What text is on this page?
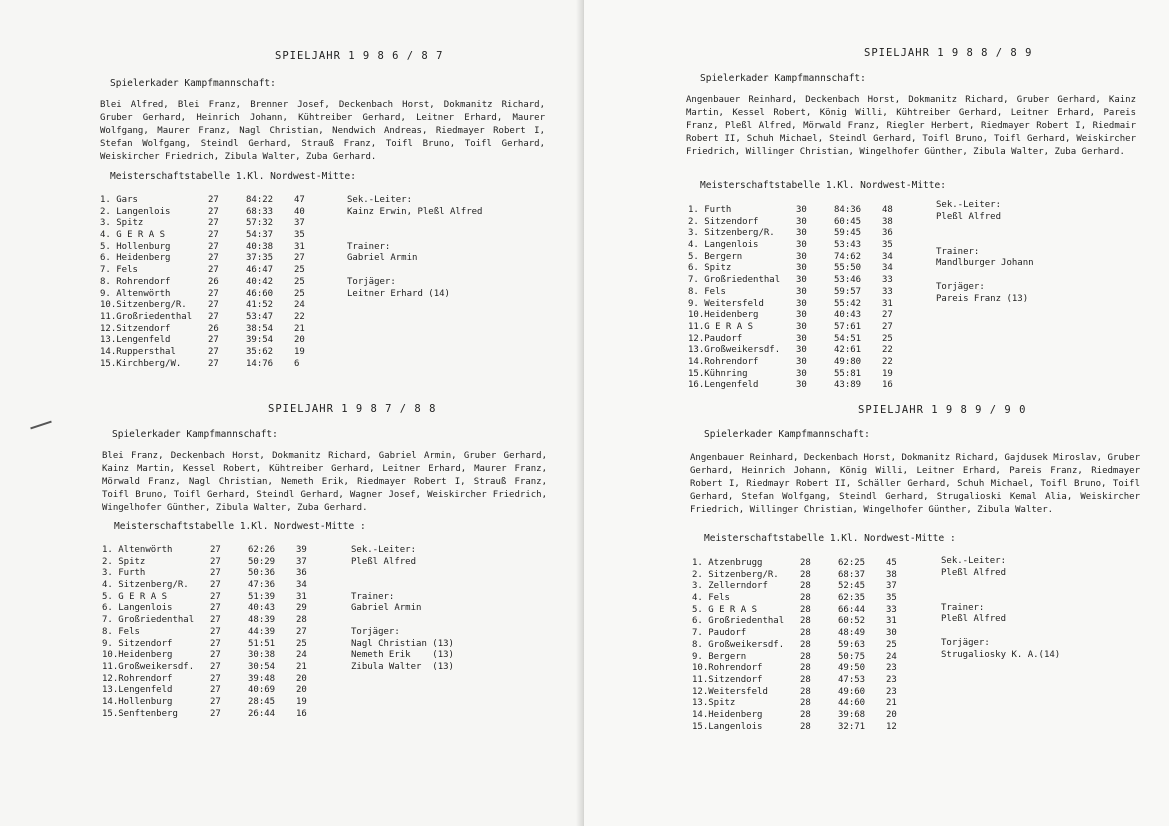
SPIELJAHR 1 9 8 6 / 8 7
Spielerkader Kampfmannschaft:
Blei Alfred, Blei Franz, Brenner Josef, Deckenbach Horst, Dokmanitz Richard, Gruber Gerhard, Heinrich Johann, Kühtreiber Gerhard, Leitner Erhard, Maurer Wolfgang, Maurer Franz, Nagl Christian, Nendwich Andreas, Riedmayer Robert I, Stefan Wolfgang, Steindl Gerhard, Strauß Franz, Toifl Bruno, Toifl Gerhard, Weiskircher Friedrich, Zibula Walter, Zuba Gerhard.
Meisterschaftstabelle 1.Kl. Nordwest-Mitte:
1. Gars	27	84:22	47
2. Langenlois	27	68:33	40
3. Spitz	27	57:32	37
4. G E R A S	27	54:37	35
5. Hollenburg	27	40:38	31
6. Heidenberg	27	37:35	27
7. Fels	27	46:47	25
8. Rohrendorf	26	40:42	25
9. Altenwörth	27	46:60	25
10.Sitzenberg/R.	27	41:52	24
11.Großriedenthal	27	53:47	22
12.Sitzendorf	26	38:54	21
13.Lengenfeld	27	39:54	20
14.Ruppersthal	27	35:62	19
15.Kirchberg/W.	27	14:76	6
Sek.-Leiter:
Kainz Erwin, Pleßl Alfred
Trainer:
Gabriel Armin
Torjäger:
Leitner Erhard (14)
SPIELJAHR 1 9 8 7 / 8 8
Spielerkader Kampfmannschaft:
Blei Franz, Deckenbach Horst, Dokmanitz Richard, Gabriel Armin, Gruber Gerhard, Kainz Martin, Kessel Robert, Kühtreiber Gerhard, Leitner Erhard, Maurer Franz, Mörwald Franz, Nagl Christian, Nemeth Erik, Riedmayer Robert I, Strauß Franz, Toifl Bruno, Toifl Gerhard, Steindl Gerhard, Wagner Josef, Weiskircher Friedrich, Wingelhofer Günther, Zibula Walter, Zuba Gerhard.
Meisterschaftstabelle 1.Kl. Nordwest-Mitte :
1. Altenwörth	27	62:26	39
2. Spitz	27	50:29	37
3. Furth	27	50:36	36
4. Sitzenberg/R.	27	47:36	34
5. G E R A S	27	51:39	31
6. Langenlois	27	40:43	29
7. Großriedenthal	27	48:39	28
8. Fels	27	44:39	27
9. Sitzendorf	27	51:51	25
10.Heidenberg	27	30:38	24
11.Großweikersdf.	27	30:54	21
12.Rohrendorf	27	39:48	20
13.Lengenfeld	27	40:69	20
14.Hollenburg	27	28:45	19
15.Senftenberg	27	26:44	16
Sek.-Leiter:
Pleßl Alfred
Trainer:
Gabriel Armin
Torjäger:
Nagl Christian (13)
Nemeth Erik    (13)
Zibula Walter  (13)
SPIELJAHR 1 9 8 8 / 8 9
Spielerkader Kampfmannschaft:
Angenbauer Reinhard, Deckenbach Horst, Dokmanitz Richard, Gruber Gerhard, Kainz Martin, Kessel Robert, König Willi, Kühtreiber Gerhard, Leitner Erhard, Pareis Franz, Pleßl Alfred, Mörwald Franz, Riegler Herbert, Riedmayer Robert I, Riedmair Robert II, Schuh Michael, Steindl Gerhard, Toifl Bruno, Toifl Gerhard, Weiskircher Friedrich, Willinger Christian, Wingelhofer Günther, Zibula Walter, Zuba Gerhard.
Meisterschaftstabelle 1.Kl. Nordwest-Mitte:
1. Furth	30	84:36	48
2. Sitzendorf	30	60:45	38
3. Sitzenberg/R.	30	59:45	36
4. Langenlois	30	53:43	35
5. Bergern	30	74:62	34
6. Spitz	30	55:50	34
7. Großriedenthal	30	53:46	33
8. Fels	30	59:57	33
9. Weitersfeld	30	55:42	31
10.Heidenberg	30	40:43	27
11.G E R A S	30	57:61	27
12.Paudorf	30	54:51	25
13.Großweikersdf.	30	42:61	22
14.Rohrendorf	30	49:80	22
15.Kühnring	30	55:81	19
16.Lengenfeld	30	43:89	16
Sek.-Leiter:
Pleßl Alfred
Trainer:
Mandlburger Johann
Torjäger:
Pareis Franz (13)
SPIELJAHR 1 9 8 9 / 9 0
Spielerkader Kampfmannschaft:
Angenbauer Reinhard, Deckenbach Horst, Dokmanitz Richard, Gajdusek Miroslav, Gruber Gerhard, Heinrich Johann, König Willi, Leitner Erhard, Pareis Franz, Riedmayer Robert I, Riedmayr Robert II, Schäller Gerhard, Schuh Michael, Toifl Bruno, Toifl Gerhard, Stefan Wolfgang, Steindl Gerhard, Strugalioski Kemal Alia, Weiskircher Friedrich, Willinger Christian, Wingelhofer Günther, Zibula Walter.
Meisterschaftstabelle 1.Kl. Nordwest-Mitte :
1. Atzenbrugg	28	62:25	45
2. Sitzenberg/R.	28	68:37	38
3. Zellerndorf	28	52:45	37
4. Fels	28	62:35	35
5. G E R A S	28	66:44	33
6. Großriedenthal	28	60:52	31
7. Paudorf	28	48:49	30
8. Großweikersdf.	28	59:63	25
9. Bergern	28	50:75	24
10.Rohrendorf	28	49:50	23
11.Sitzendorf	28	47:53	23
12.Weitersfeld	28	49:60	23
13.Spitz	28	44:60	21
14.Heidenberg	28	39:68	20
15.Langenlois	28	32:71	12
Sek.-Leiter:
Pleßl Alfred
Trainer:
Pleßl Alfred
Torjäger:
Strugaliosky K. A.(14)
